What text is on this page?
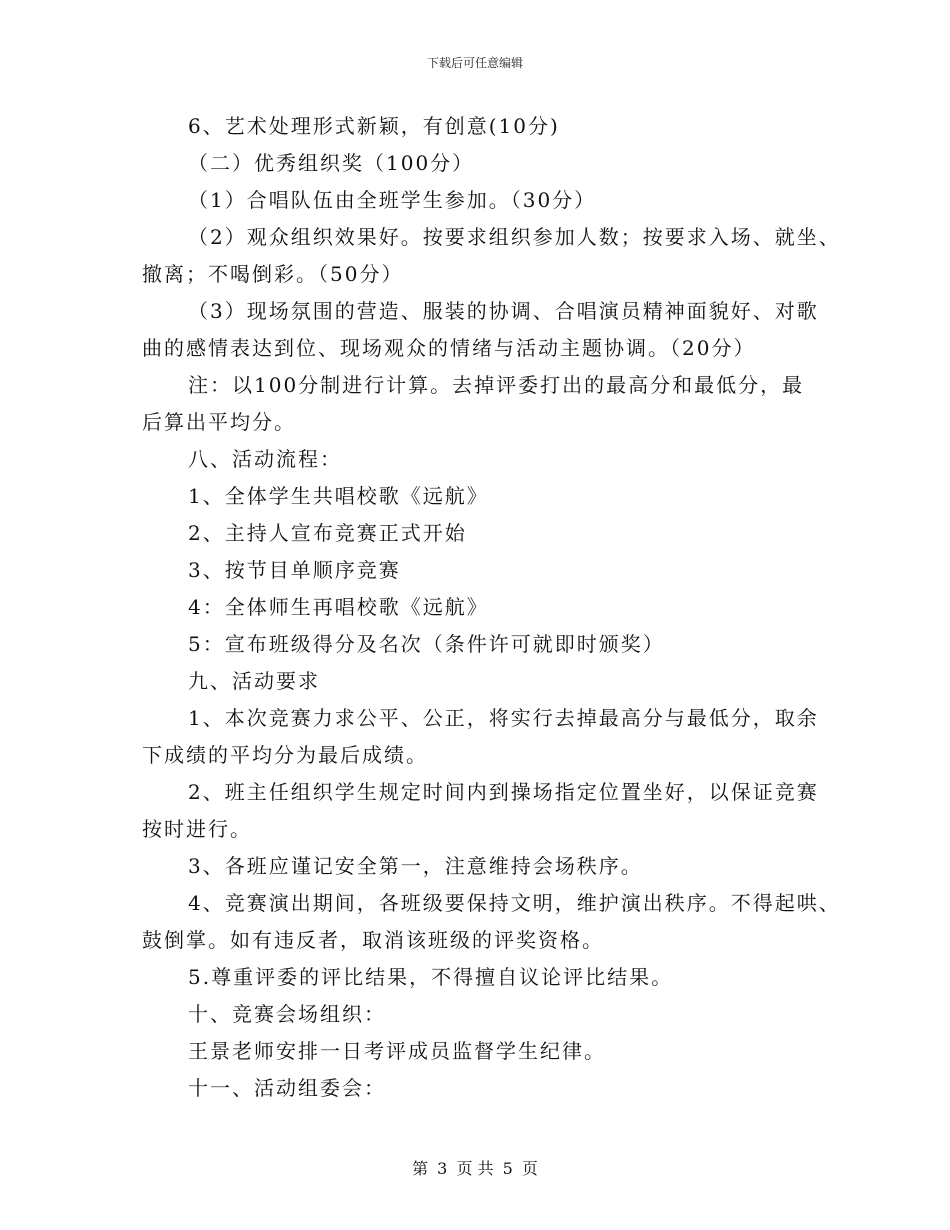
下载后可任意编辑
6、艺术处理形式新颖，有创意(10分)
（二）优秀组织奖（100分）
（1）合唱队伍由全班学生参加。（30分）
（2）观众组织效果好。按要求组织参加人数；按要求入场、就坐、
撤离；不喝倒彩。（50分）
（3）现场氛围的营造、服装的协调、合唱演员精神面貌好、对歌
曲的感情表达到位、现场观众的情绪与活动主题协调。（20分）
注：以100分制进行计算。去掉评委打出的最高分和最低分，最
后算出平均分。
八、活动流程：
1、全体学生共唱校歌《远航》
2、主持人宣布竞赛正式开始
3、按节目单顺序竞赛
4：全体师生再唱校歌《远航》
5：宣布班级得分及名次（条件许可就即时颁奖）
九、活动要求
1、本次竞赛力求公平、公正，将实行去掉最高分与最低分，取余
下成绩的平均分为最后成绩。
2、班主任组织学生规定时间内到操场指定位置坐好，以保证竞赛
按时进行。
3、各班应谨记安全第一，注意维持会场秩序。
4、竞赛演出期间，各班级要保持文明，维护演出秩序。不得起哄、
鼓倒掌。如有违反者，取消该班级的评奖资格。
5.尊重评委的评比结果，不得擅自议论评比结果。
十、竞赛会场组织：
王景老师安排一日考评成员监督学生纪律。
十一、活动组委会：
第 3 页 共 5 页
